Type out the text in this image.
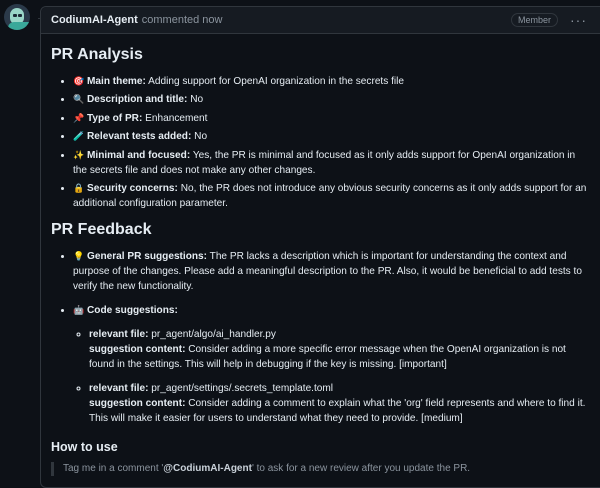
CodiumAI-Agent commented now	Member	···
PR Analysis
• 🎯 Main theme: Adding support for OpenAI organization in the secrets file
• 🔍 Description and title: No
• 📌 Type of PR: Enhancement
• 🧪 Relevant tests added: No
• ✨ Minimal and focused: Yes, the PR is minimal and focused as it only adds support for OpenAI organization in the secrets file and does not make any other changes.
• 🔒 Security concerns: No, the PR does not introduce any obvious security concerns as it only adds support for an additional configuration parameter.
PR Feedback
• 💡 General PR suggestions: The PR lacks a description which is important for understanding the context and purpose of the changes. Please add a meaningful description to the PR. Also, it would be beneficial to add tests to verify the new functionality.
• 🤖 Code suggestions:
◦ relevant file: pr_agent/algo/ai_handler.py
suggestion content: Consider adding a more specific error message when the OpenAI organization is not found in the settings. This will help in debugging if the key is missing. [important]
◦ relevant file: pr_agent/settings/.secrets_template.toml
suggestion content: Consider adding a comment to explain what the 'org' field represents and where to find it. This will make it easier for users to understand what they need to provide. [medium]
How to use
Tag me in a comment '@CodiumAI-Agent' to ask for a new review after you update the PR.
